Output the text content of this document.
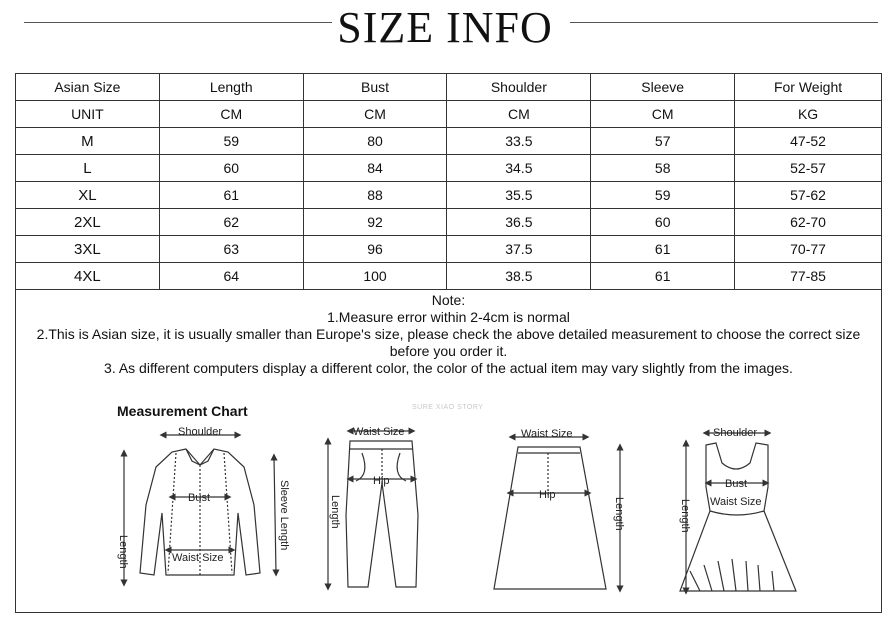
SIZE INFO
Asian Size	Length	Bust	Shoulder	Sleeve	For Weight
UNIT	CM	CM	CM	CM	KG
M	59	80	33.5	57	47-52
L	60	84	34.5	58	52-57
XL	61	88	35.5	59	57-62
2XL	62	92	36.5	60	62-70
3XL	63	96	37.5	61	70-77
4XL	64	100	38.5	61	77-85
Note:
1.Measure error within 2-4cm is normal
2.This is Asian size, it is usually smaller than Europe's size, please check the above detailed measurement to choose the correct size
before you order it.
3. As different computers display a different color, the color of the actual item may vary slightly from the images.
Measurement Chart	SURE XIAO STORY
Shoulder
Bust
Waist Size
Length
Sleeve Length
Waist Size
Hip
Length
Waist Size
Hip
Length
Shoulder
Bust
Waist Size
Length
